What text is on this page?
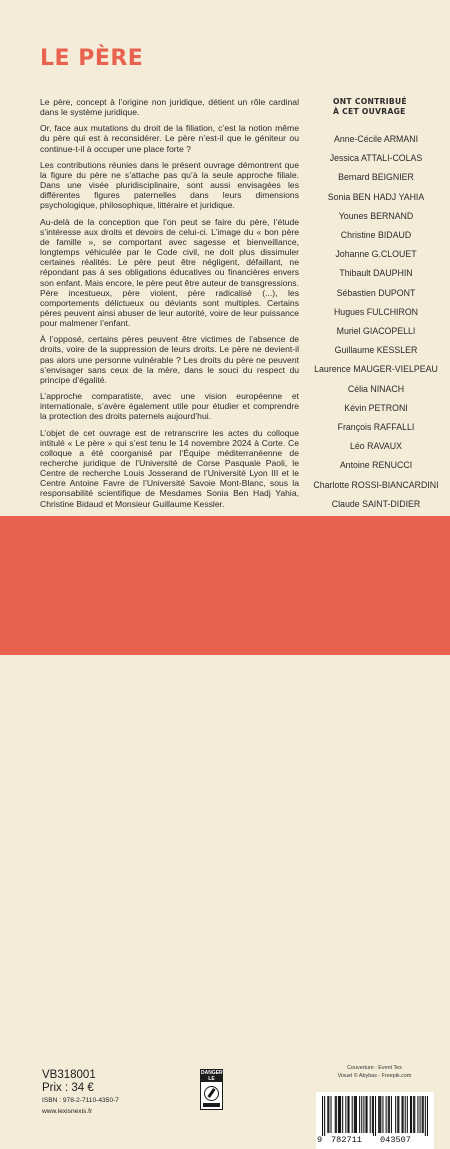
LE PÈRE

Le père, concept à l’origine non juridique, détient un rôle cardinal dans le système juridique.

Or, face aux mutations du droit de la filiation, c’est la notion même du père qui est à reconsidérer. Le père n’est-il que le géniteur ou continue-t-il à occuper une place forte ?

Les contributions réunies dans le présent ouvrage démontrent que la figure du père ne s’attache pas qu’à la seule approche filiale. Dans une visée pluridisciplinaire, sont aussi envisagées les différentes figures paternelles dans leurs dimensions psychologique, philosophique, littéraire et juridique.

Au-delà de la conception que l’on peut se faire du père, l’étude s’intéresse aux droits et devoirs de celui-ci. L’image du « bon père de famille », se comportant avec sagesse et bienveillance, longtemps véhiculée par le Code civil, ne doit plus dissimuler certaines réalités. Le père peut être négligent, défaillant, ne répondant pas à ses obligations éducatives ou financières envers son enfant. Mais encore, le père peut être auteur de transgressions. Père incestueux, père violent, père radicalisé (...), les comportements délictueux ou déviants sont multiples. Certains pères peuvent ainsi abuser de leur autorité, voire de leur puissance pour malmener l’enfant.

À l’opposé, certains pères peuvent être victimes de l’absence de droits, voire de la suppression de leurs droits. Le père ne devient-il pas alors une personne vulnérable ? Les droits du père ne peuvent s’envisager sans ceux de la mère, dans le souci du respect du principe d’égalité.

L’approche comparatiste, avec une vision européenne et internationale, s’avère également utile pour étudier et comprendre la protection des droits paternels aujourd’hui.

L’objet de cet ouvrage est de retranscrire les actes du colloque intitulé « Le père » qui s’est tenu le 14 novembre 2024 à Corte. Ce colloque a été coorganisé par l’Équipe méditerranéenne de recherche juridique de l’Université de Corse Pasquale Paoli, le Centre de recherche Louis Josserand de l’Université Lyon III et le Centre Antoine Favre de l’Université Savoie Mont-Blanc, sous la responsabilité scientifique de Mesdames Sonia Ben Hadj Yahia, Christine Bidaud et Monsieur Guillaume Kessler.

ONT CONTRIBUÉ
À CET OUVRAGE
Anne-Cécile ARMANI
Jessica ATTALI-COLAS
Bernard BEIGNIER
Sonia BEN HADJ YAHIA
Younes BERNAND
Christine BIDAUD
Johanne G.CLOUET
Thibault DAUPHIN
Sébastien DUPONT
Hugues FULCHIRON
Muriel GIACOPELLI
Guillaume KESSLER
Laurence MAUGER-VIELPEAU
Célia NINACH
Kévin PETRONI
François RAFFALLI
Léo RAVAUX
Antoine RENUCCI
Charlotte ROSSI-BIANCARDINI
Claude SAINT-DIDIER

VB318001

Prix : 34 €

ISBN : 978-2-7110-4350-7

www.lexisnexis.fr

DANGER
LE

Couverture : Event Tex

Visuel © Abybas - Freepik.com

9 782711 043507
